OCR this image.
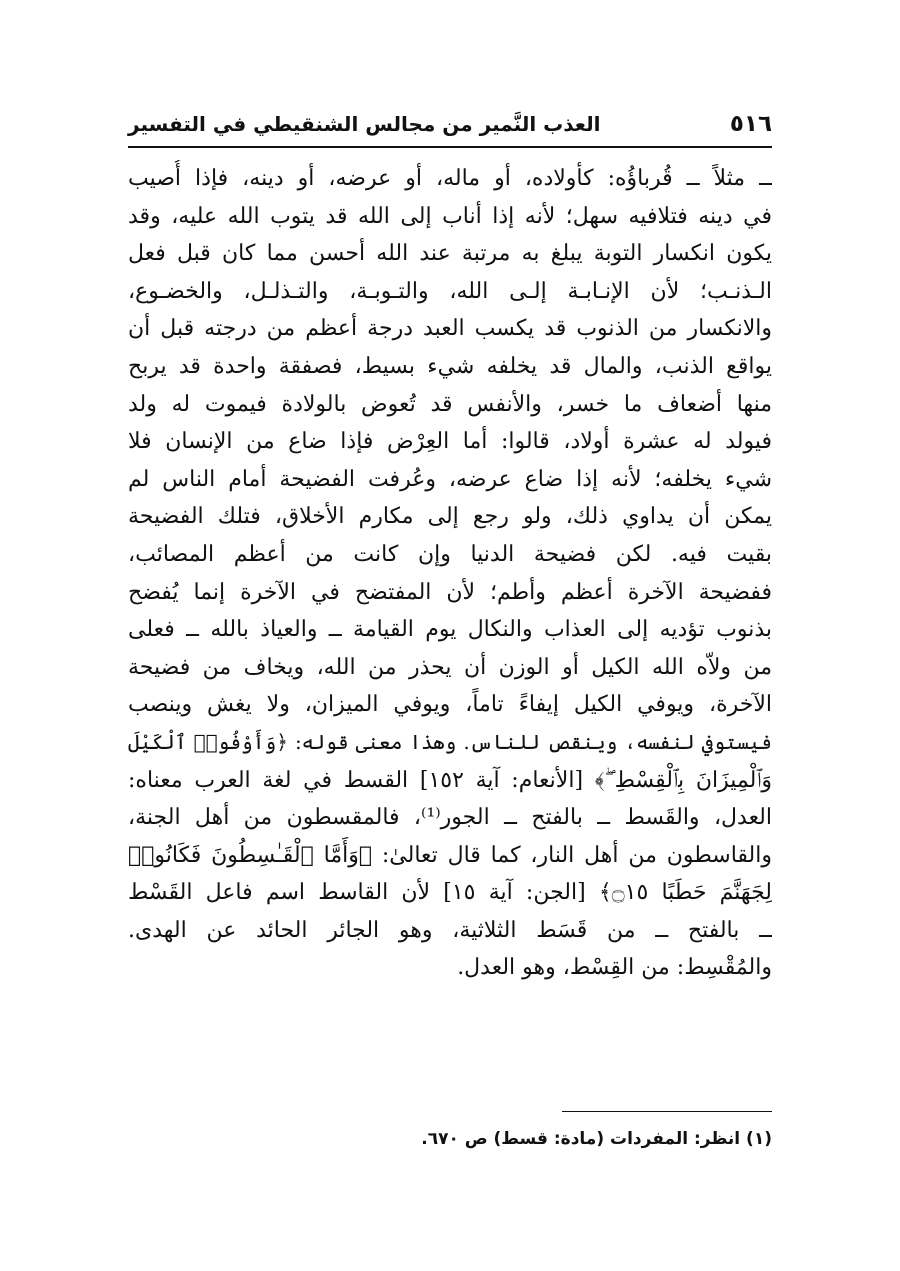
٥١٦
العذب النَّمير من مجالس الشنقيطي في التفسير
ــ مثلاً ــ قُرباؤُه: كأولاده، أو ماله، أو عرضه، أو دينه، فإذا أُصيب
في دينه فتلافيه سهل؛ لأنه إذا أناب إلى الله قد يتوب الله عليه، وقد
يكون انكسار التوبة يبلغ به مرتبة عند الله أحسن مما كان قبل فعل
الـذنـب؛ لأن الإنـابـة إلـى الله، والتـوبـة، والتـذلـل، والخضـوع،
والانكسار من الذنوب قد يكسب العبد درجة أعظم من درجته قبل أن
يواقع الذنب، والمال قد يخلفه شيء بسيط، فصفقة واحدة قد يربح
منها أضعاف ما خسر، والأنفس قد تُعوض بالولادة فيموت له ولد
فيولد له عشرة أولاد، قالوا: أما العِرْض فإذا ضاع من الإنسان فلا
شيء يخلفه؛ لأنه إذا ضاع عرضه، وعُرفت الفضيحة أمام الناس لم
يمكن أن يداوي ذلك، ولو رجع إلى مكارم الأخلاق، فتلك الفضيحة
بقيت فيه. لكن فضيحة الدنيا وإن كانت من أعظم المصائب،
ففضيحة الآخرة أعظم وأطم؛ لأن المفتضح في الآخرة إنما يُفضح
بذنوب تؤديه إلى العذاب والنكال يوم القيامة ــ والعياذ بالله ــ فعلى
من ولاّه الله الكيل أو الوزن أن يحذر من الله، ويخاف من فضيحة
الآخرة، ويوفي الكيل إيفاءً تاماً، ويوفي الميزان، ولا يغش وينصب
فيستوفي لنفسه، وينقص للناس. وهذا معنى قوله: ﴿وَأَوْفُوا۟ ٱلْكَيْلَ
وَٱلْمِيزَانَ بِٱلْقِسْطِ ۖ﴾ [الأنعام: آية ١٥٢] القسط في لغة العرب معناه:
العدل، والقَسط ــ بالفتح ــ الجور⁽¹⁾، فالمقسطون من أهل الجنة،
والقاسطون من أهل النار، كما قال تعالىٰ: ﴿وَأَمَّا ٱلْقَـٰسِطُونَ فَكَانُوا۟
لِجَهَنَّمَ حَطَبًا ۝١٥﴾ [الجن: آية ١٥] لأن القاسط اسم فاعل القَسْط
ــ بالفتح ــ من قَسَط الثلاثية، وهو الجائر الحائد عن الهدى.
والمُقْسِط: من القِسْط، وهو العدل.
(١) انظر: المفردات (مادة: قسط) ص ٦٧٠.
